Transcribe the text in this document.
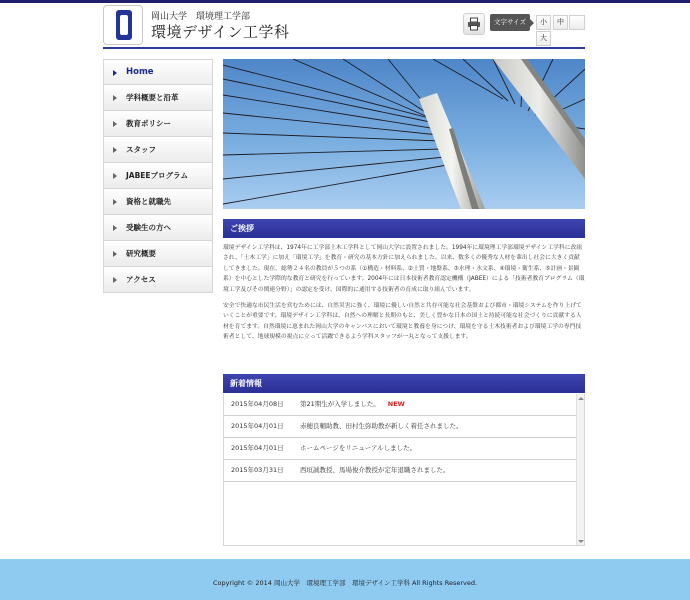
岡山大学　環境理工学部
環境デザイン工学科
文字サイズ	小	中
大
Home
学科概要と沿革
教育ポリシー
スタッフ
JABEEプログラム
資格と就職先
受験生の方へ
研究概要
アクセス
ご挨拶

環境デザイン工学科は、1974年に工学部土木工学科として岡山大学に設置されました。1994年に環境理工学部環境デザイン工学科に改組され、「土木工学」に加え「環境工学」を教育・研究の基本方針に加えられました。以来、数多くの優秀な人材を輩出し社会に大きく貢献してきました。現在、総勢２４名の教員が５つの系（①構造・材料系、②土質・地盤系、③水理・水文系、④環境・衛生系、⑤計画・景観系）を中心とした学際的な教育と研究を行っています。2004年には日本技術者教育認定機構（JABEE）による「技術者教育プログラム（環境工学及びその関連分野）」の認定を受け、国際的に通用する技術者の育成に取り組んでいます。

安全で快適な市民生活を営むためには、自然災害に強く、環境に優しい自然と共存可能な社会基盤および都市・環境システムを作り上げていくことが重要です。環境デザイン工学科は、自然への理解と長期のもと、美しく豊かな日本の国土と持続可能な社会づくりに貢献する人材を育てます。自然環境に恵まれた岡山大学のキャンパスにおいて環境と教養を身につけ、環境を守る土木技術者および環境工学の専門技術者として、地球規模の視点に立って活躍できるよう学科スタッフが一丸となって支援します。

新着情報
2015年04月08日	第21期生が入学しました。 NEW
2015年04月01日	赤穂良輔助教、田村生弥助教が新しく着任されました。
2015年04月01日	ホームページをリニューアルしました。
2015年03月31日	西垣誠教授、馬場俊介教授が定年退職されました。
Copyright © 2014 岡山大学　環境理工学部　環境デザイン工学科 All Rights Reserved.
